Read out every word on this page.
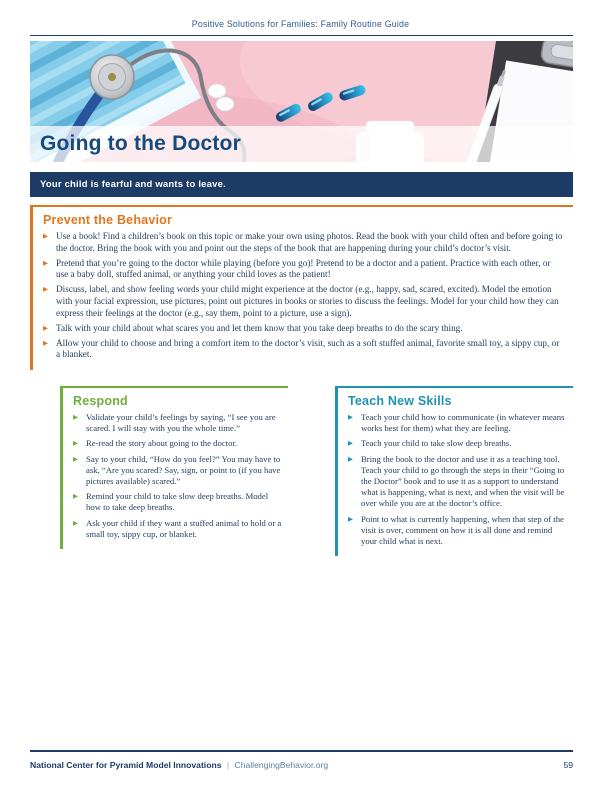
Positive Solutions for Families: Family Routine Guide
Going to the Doctor
Your child is fearful and wants to leave.
Prevent the Behavior
▶ Use a book! Find a children’s book on this topic or make your own using photos. Read the book with your child often and before going to the doctor. Bring the book with you and point out the steps of the book that are happening during your child’s doctor’s visit.
▶ Pretend that you’re going to the doctor while playing (before you go)! Pretend to be a doctor and a patient. Practice with each other, or use a baby doll, stuffed animal, or anything your child loves as the patient!
▶ Discuss, label, and show feeling words your child might experience at the doctor (e.g., happy, sad, scared, excited). Model the emotion with your facial expression, use pictures, point out pictures in books or stories to discuss the feelings. Model for your child how they can express their feelings at the doctor (e.g., say them, point to a picture, use a sign).
▶ Talk with your child about what scares you and let them know that you take deep breaths to do the scary thing.
▶ Allow your child to choose and bring a comfort item to the doctor’s visit, such as a soft stuffed animal, favorite small toy, a sippy cup, or a blanket.
Respond
▶ Validate your child’s feelings by saying, “I see you are scared. I will stay with you the whole time.”
▶ Re-read the story about going to the doctor.
▶ Say to your child, “How do you feel?” You may have to ask, “Are you scared? Say, sign, or point to (if you have pictures available) scared.”
▶ Remind your child to take slow deep breaths. Model how to take deep breaths.
▶ Ask your child if they want a stuffed animal to hold or a small toy, sippy cup, or blanket.
Teach New Skills
▶ Teach your child how to communicate (in whatever means works best for them) what they are feeling.
▶ Teach your child to take slow deep breaths.
▶ Bring the book to the doctor and use it as a teaching tool. Teach your child to go through the steps in their “Going to the Doctor” book and to use it as a support to understand what is happening, what is next, and when the visit will be over while you are at the doctor’s office.
▶ Point to what is currently happening, when that step of the visit is over, comment on how it is all done and remind your child what is next.
National Center for Pyramid Model Innovations | ChallengingBehavior.org	59
